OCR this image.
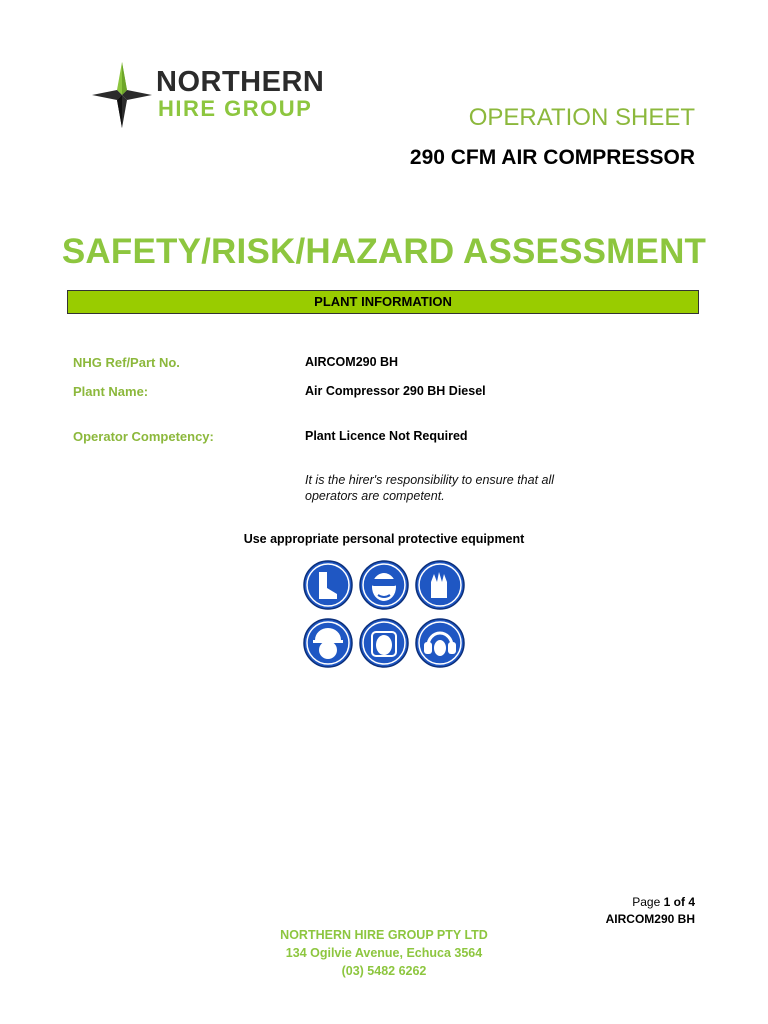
NORTHERN
HIRE GROUP	OPERATION SHEET
290 CFM AIR COMPRESSOR
SAFETY/RISK/HAZARD ASSESSMENT
PLANT INFORMATION
NHG Ref/Part No.	AIRCOM290 BH
Plant Name:	Air Compressor 290 BH Diesel
Operator Competency:	Plant Licence Not Required
It is the hirer's responsibility to ensure that all operators are competent.
Use appropriate personal protective equipment
Page 1 of 4
AIRCOM290 BH
NORTHERN HIRE GROUP PTY LTD
134 Ogilvie Avenue, Echuca 3564
(03) 5482 6262
